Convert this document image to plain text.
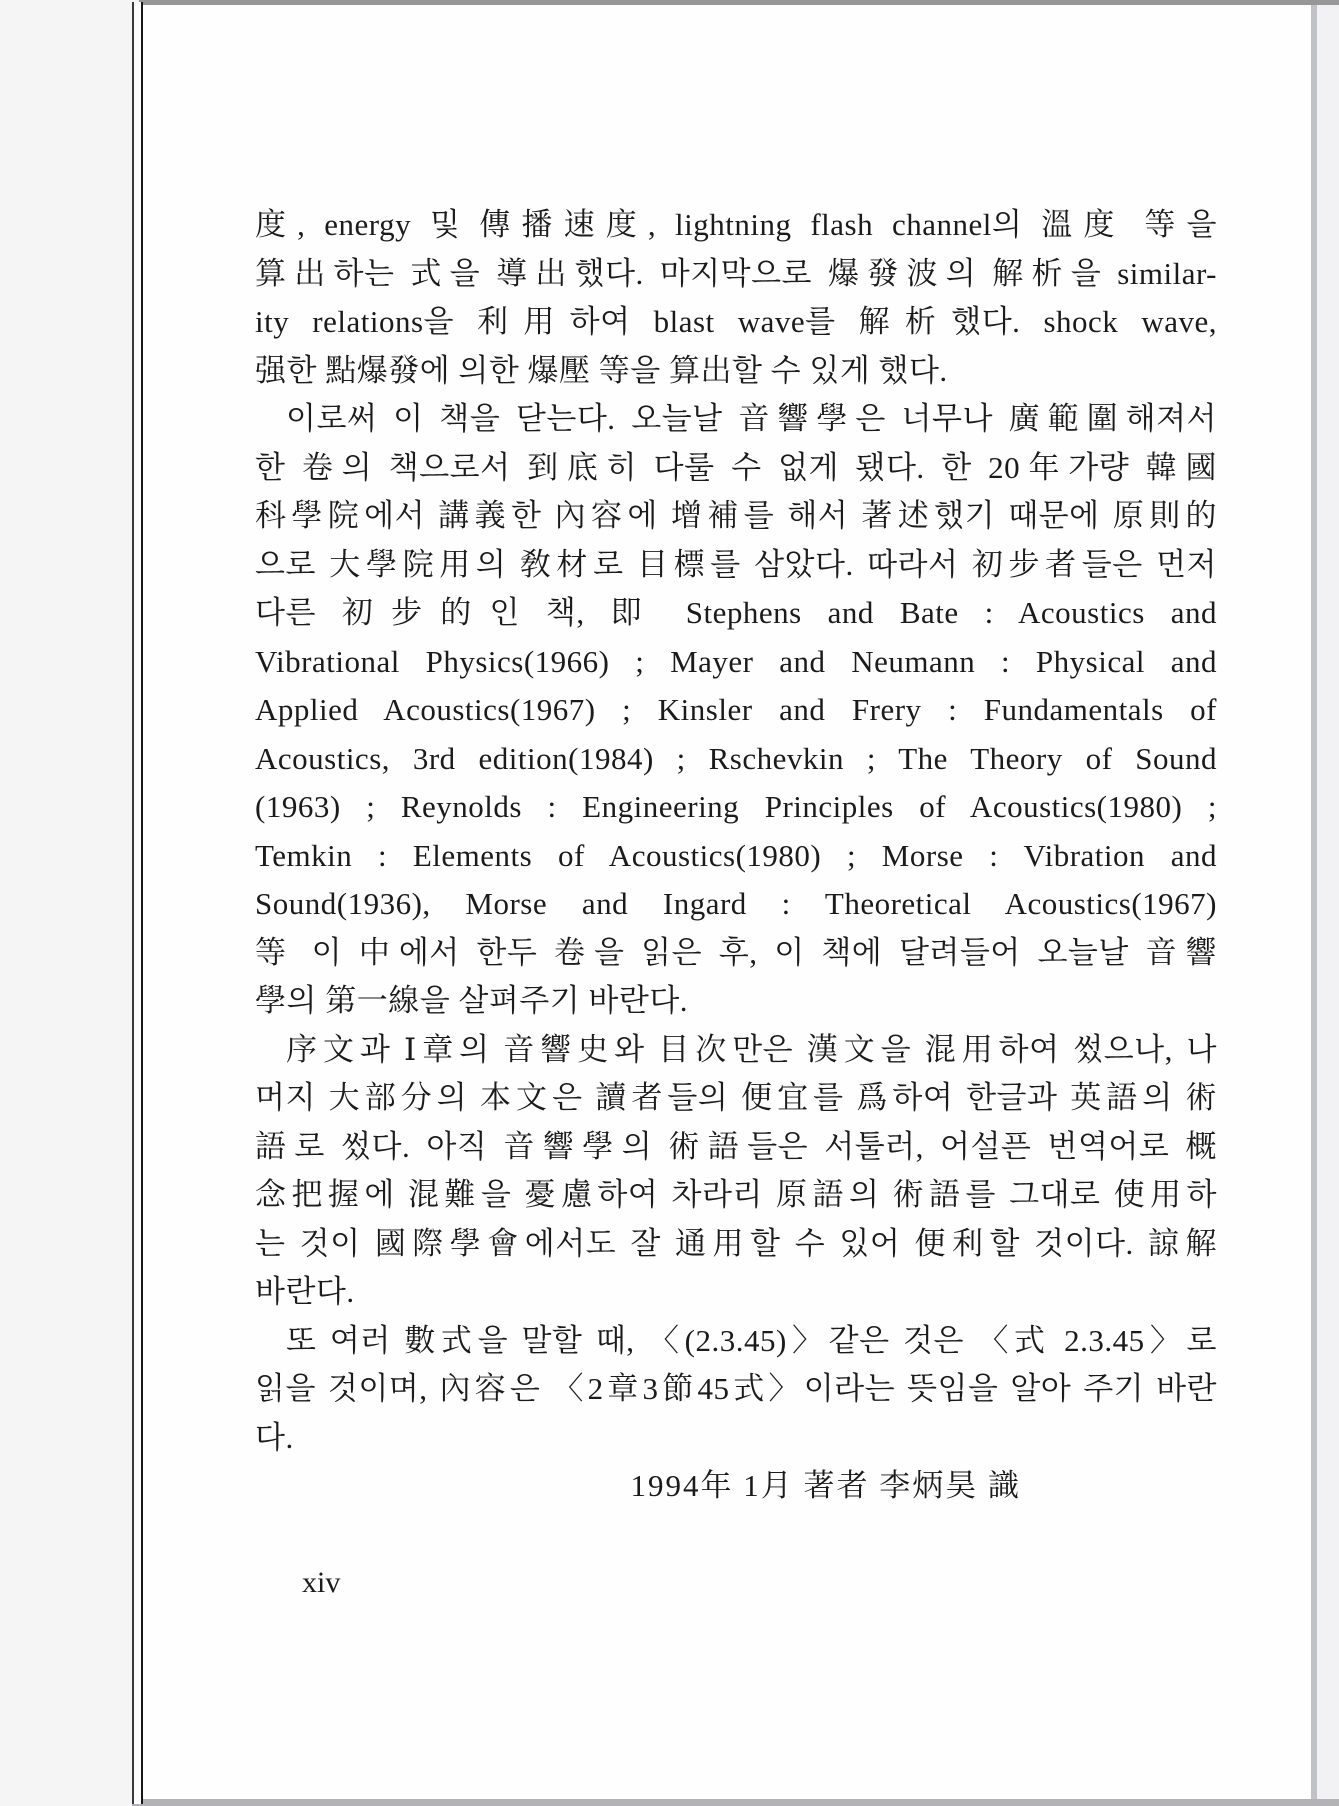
度, energy 및 傳播速度, lightning flash channel의 溫度 等을
算出하는 式을 導出했다. 마지막으로 爆發波의 解析을 similar-
ity relations을 利用하여 blast wave를 解析했다. shock wave,
强한 點爆發에 의한 爆壓 等을 算出할 수 있게 했다.
이로써 이 책을 닫는다. 오늘날 音響學은 너무나 廣範圍해져서
한 卷의 책으로서 到底히 다룰 수 없게 됐다. 한 20年가량 韓國
科學院에서 講義한 內容에 增補를 해서 著述했기 때문에 原則的
으로 大學院用의 敎材로 目標를 삼았다. 따라서 初步者들은 먼저
다른 初步的인 책, 即 Stephens and Bate : Acoustics and
Vibrational Physics(1966) ; Mayer and Neumann : Physical and
Applied Acoustics(1967) ; Kinsler and Frery : Fundamentals of
Acoustics, 3rd edition(1984) ; Rschevkin ; The Theory of Sound
(1963) ; Reynolds : Engineering Principles of Acoustics(1980) ;
Temkin : Elements of Acoustics(1980) ; Morse : Vibration and
Sound(1936), Morse and Ingard : Theoretical Acoustics(1967)
等 이 中에서 한두 卷을 읽은 후, 이 책에 달려들어 오늘날 音響
學의 第一線을 살펴주기 바란다.
序文과 Ⅰ章의 音響史와 目次만은 漢文을 混用하여 썼으나, 나
머지 大部分의 本文은 讀者들의 便宜를 爲하여 한글과 英語의 術
語로 썼다. 아직 音響學의 術語들은 서툴러, 어설픈 번역어로 概
念把握에 混難을 憂慮하여 차라리 原語의 術語를 그대로 使用하
는 것이 國際學會에서도 잘 通用할 수 있어 便利할 것이다. 諒解
바란다.
또 여러 數式을 말할 때, 〈(2.3.45)〉같은 것은 〈式 2.3.45〉로
읽을 것이며, 內容은 〈2章3節45式〉이라는 뜻임을 알아 주기 바란
다.
1994年 1月 著者 李炳昊 識
xiv
